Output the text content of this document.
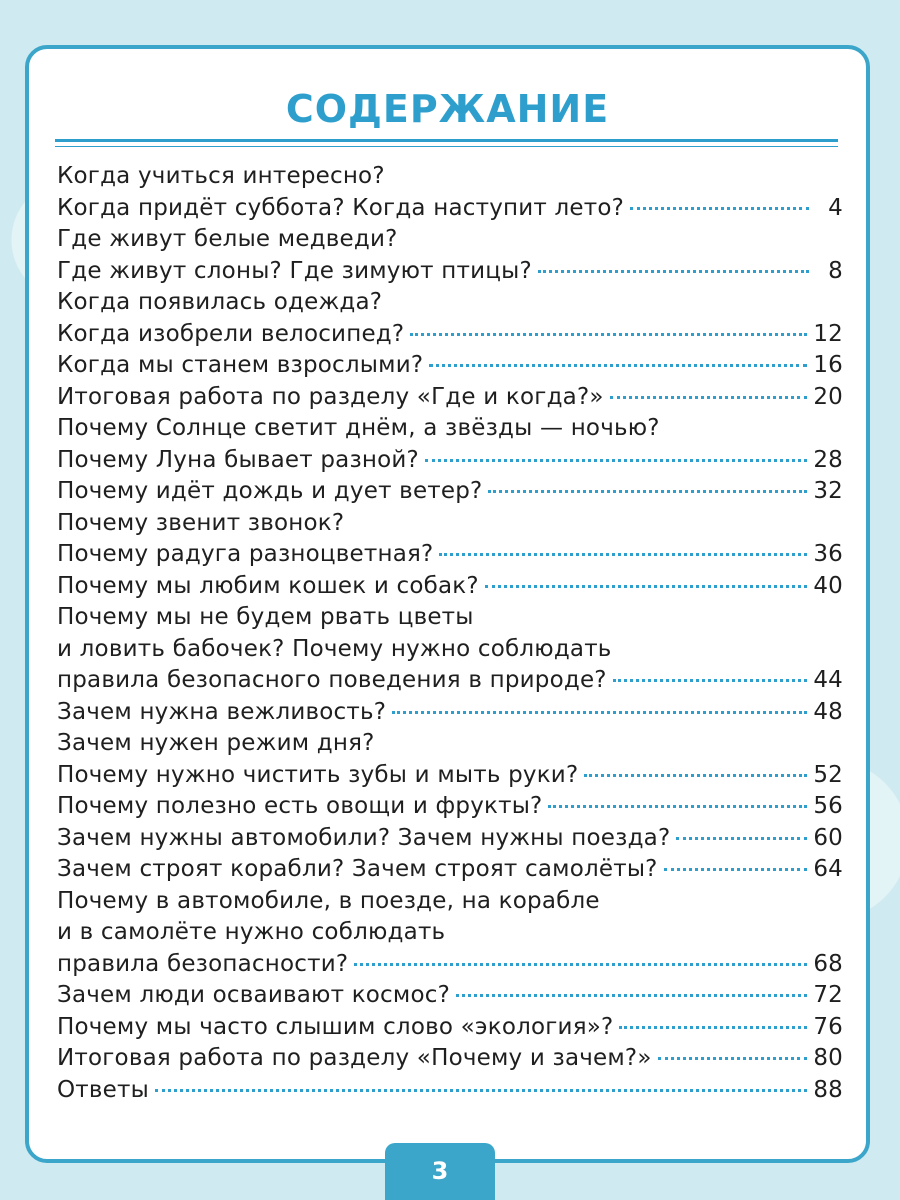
СОДЕРЖАНИЕ
Когда учиться интересно?
Когда придёт суббота? Когда наступит лето?	4
Где живут белые медведи?
Где живут слоны? Где зимуют птицы?	8
Когда появилась одежда?
Когда изобрели велосипед?	12
Когда мы станем взрослыми?	16
Итоговая работа по разделу «Где и когда?»	20
Почему Солнце светит днём, а звёзды — ночью?
Почему Луна бывает разной?	28
Почему идёт дождь и дует ветер?	32
Почему звенит звонок?
Почему радуга разноцветная?	36
Почему мы любим кошек и собак?	40
Почему мы не будем рвать цветы
и ловить бабочек? Почему нужно соблюдать
правила безопасного поведения в природе?	44
Зачем нужна вежливость?	48
Зачем нужен режим дня?
Почему нужно чистить зубы и мыть руки?	52
Почему полезно есть овощи и фрукты?	56
Зачем нужны автомобили? Зачем нужны поезда?	60
Зачем строят корабли? Зачем строят самолёты?	64
Почему в автомобиле, в поезде, на корабле
и в самолёте нужно соблюдать
правила безопасности?	68
Зачем люди осваивают космос?	72
Почему мы часто слышим слово «экология»?	76
Итоговая работа по разделу «Почему и зачем?»	80
Ответы	88
3
